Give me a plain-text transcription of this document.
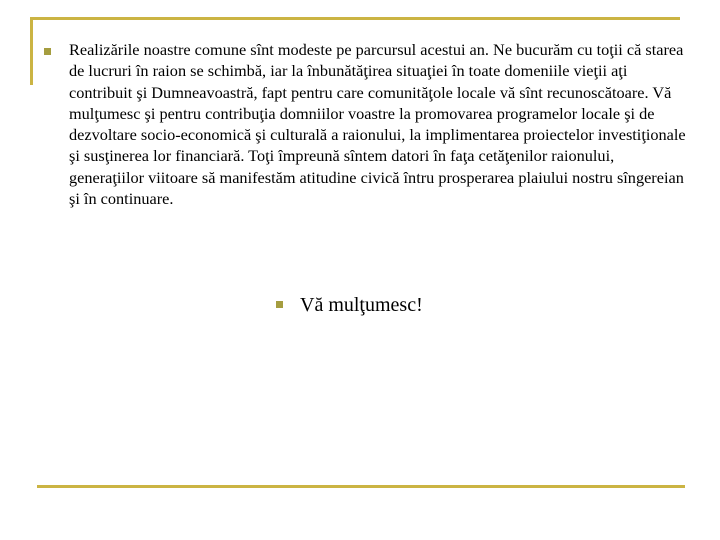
Realizările noastre comune sînt modeste pe parcursul acestui an. Ne bucurăm cu toţii că starea de lucruri în raion se schimbă, iar la înbunătăţirea situaţiei în toate domeniile vieţii aţi contribuit şi Dumneavoastră, fapt pentru care comunităţole locale vă sînt recunoscătoare. Vă mulţumesc şi pentru contribuţia domniilor voastre la promovarea programelor locale şi de dezvoltare socio-economică şi culturală a raionului, la implimentarea proiectelor investiţionale şi susţinerea lor financiară. Toţi împreună sîntem datori în faţa cetăţenilor raionului, generaţiilor viitoare să manifestăm atitudine civică întru prosperarea plaiului nostru sîngereian şi în continuare.

Vă mulţumesc!
